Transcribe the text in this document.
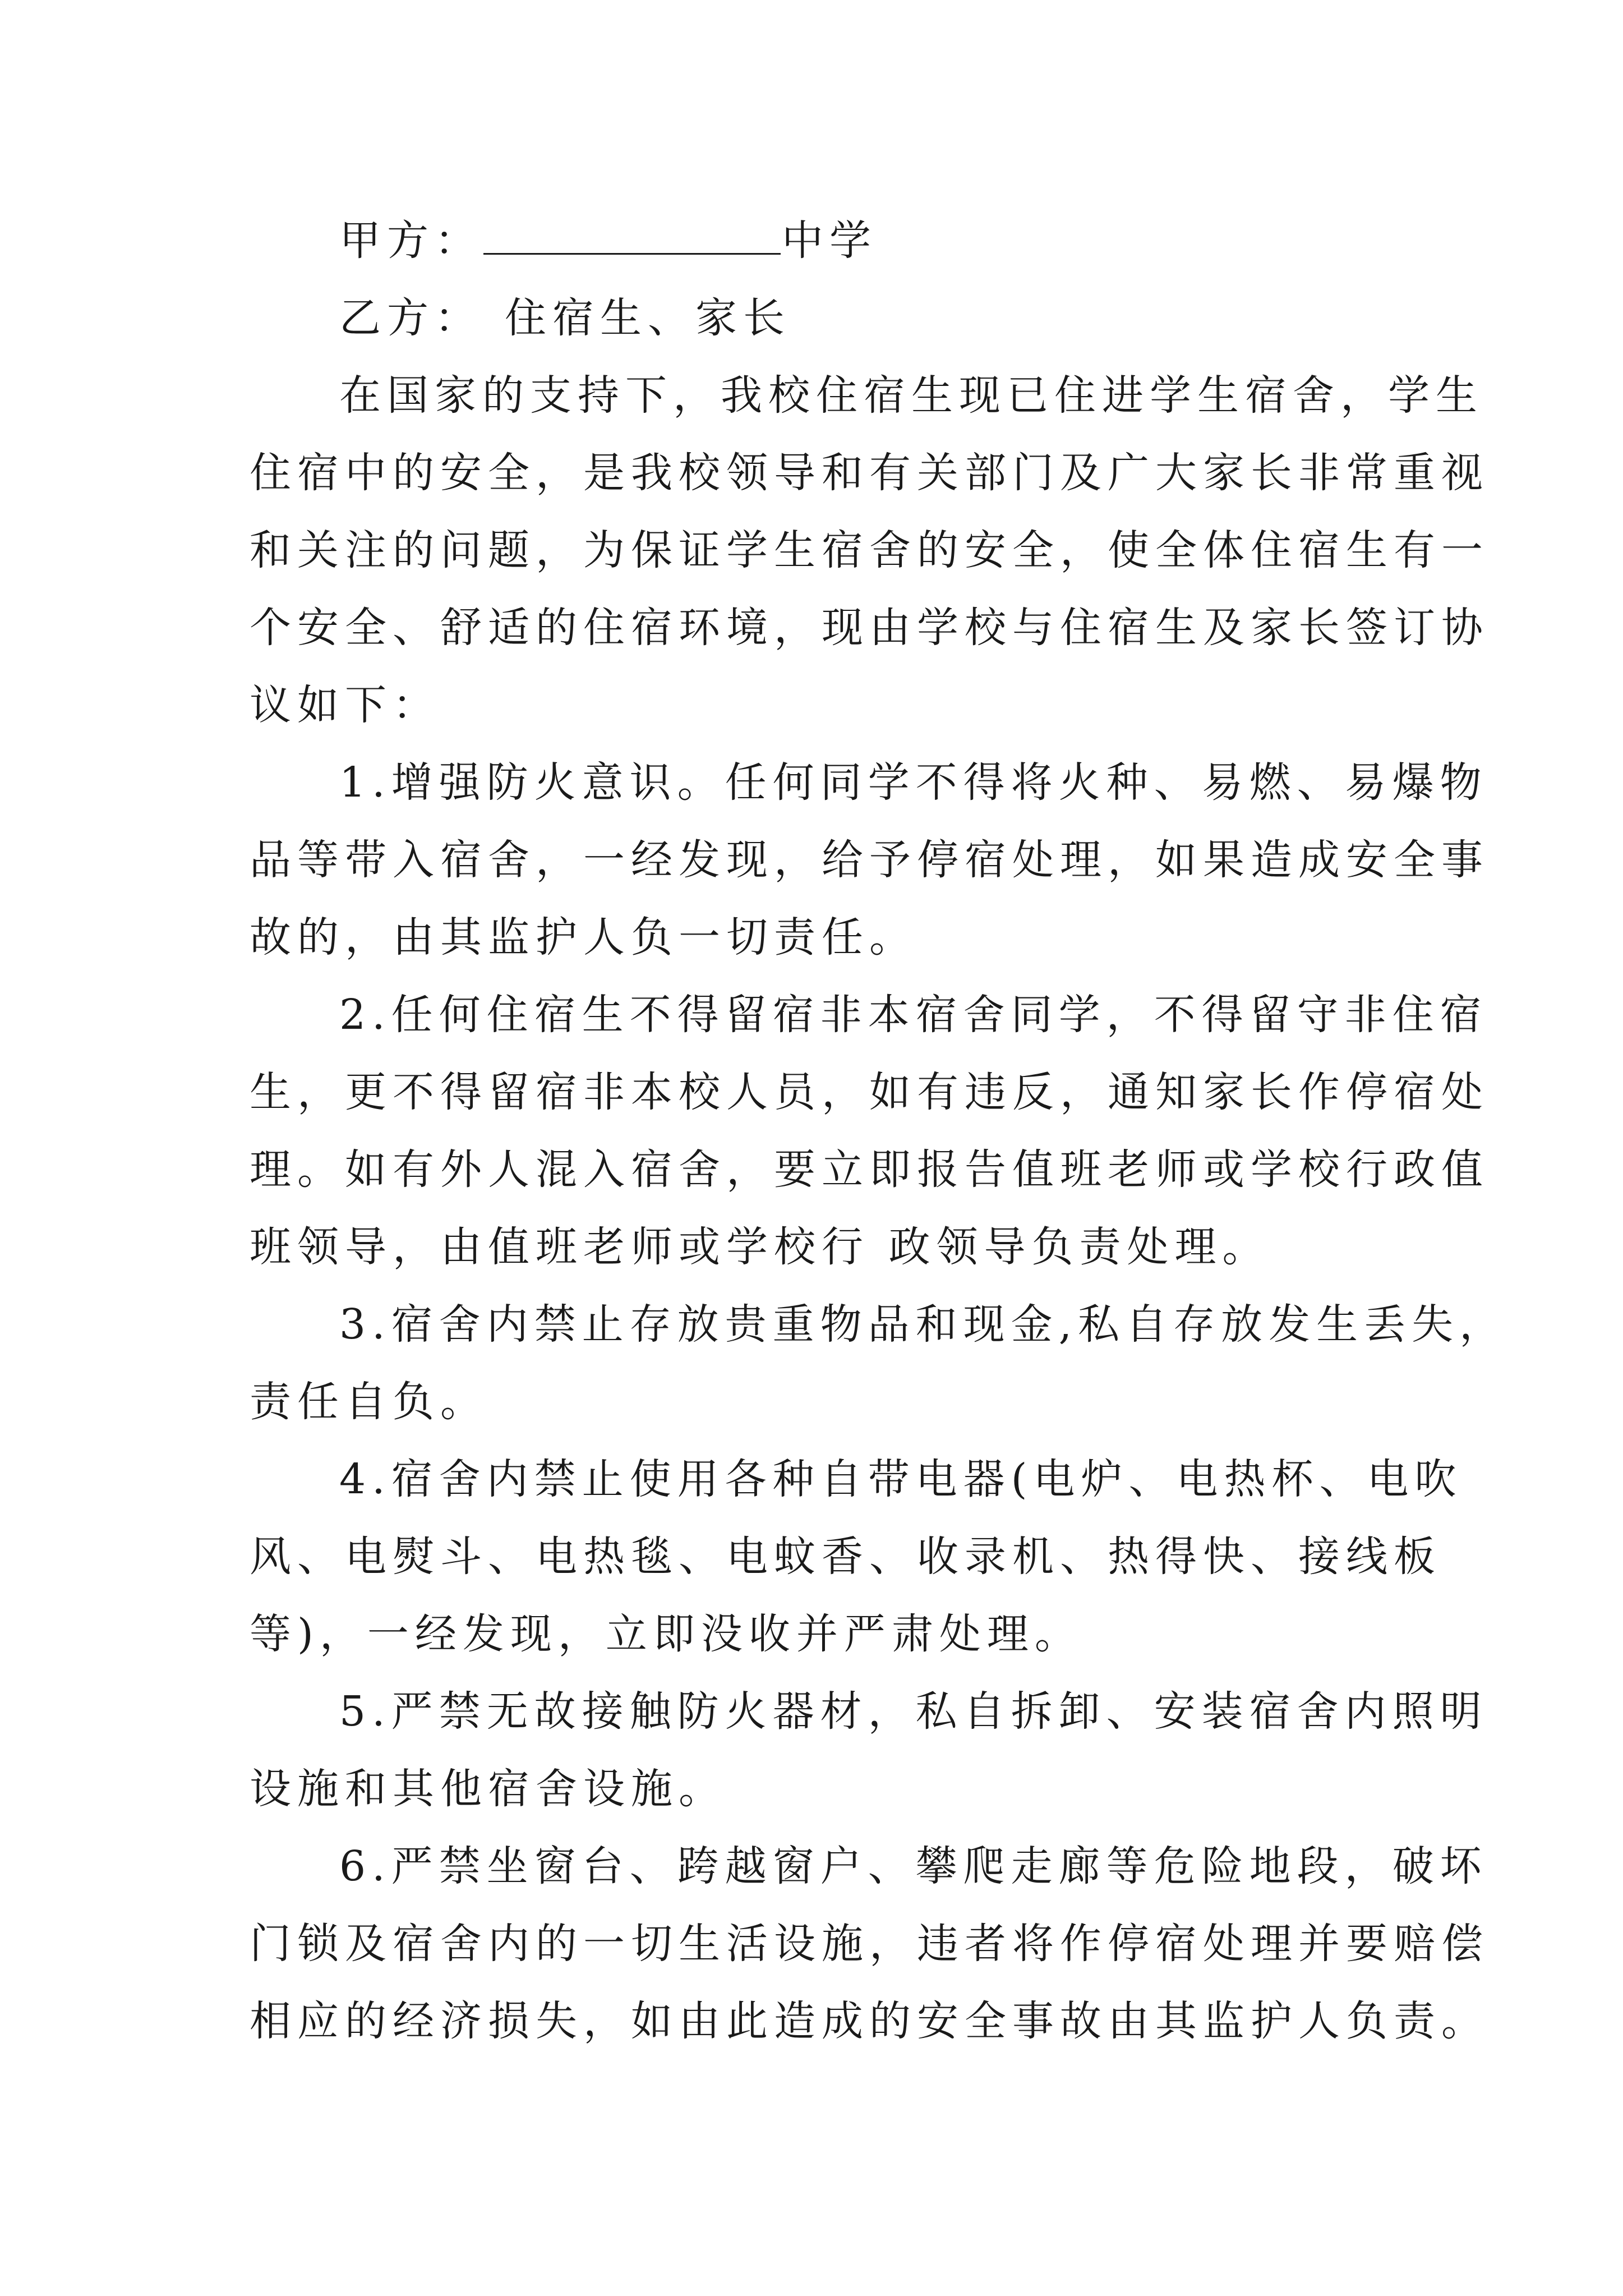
甲方：	中学
乙方： 住宿生、家长
在国家的支持下，我校住宿生现已住进学生宿舍，学生
住宿中的安全，是我校领导和有关部门及广大家长非常重视
和关注的问题，为保证学生宿舍的安全，使全体住宿生有一
个安全、舒适的住宿环境，现由学校与住宿生及家长签订协
议如下：
1.增强防火意识。任何同学不得将火种、易燃、易爆物
品等带入宿舍，一经发现，给予停宿处理，如果造成安全事
故的，由其监护人负一切责任。
2.任何住宿生不得留宿非本宿舍同学，不得留守非住宿
生，更不得留宿非本校人员，如有违反，通知家长作停宿处
理。如有外人混入宿舍，要立即报告值班老师或学校行政值
班领导，由值班老师或学校行 政领导负责处理。
3.宿舍内禁止存放贵重物品和现金,私自存放发生丢失，
责任自负。
4.宿舍内禁止使用各种自带电器(电炉、电热杯、电吹
风、电熨斗、电热毯、电蚊香、收录机、热得快、接线板
等)，一经发现，立即没收并严肃处理。
5.严禁无故接触防火器材，私自拆卸、安装宿舍内照明
设施和其他宿舍设施。
6.严禁坐窗台、跨越窗户、攀爬走廊等危险地段，破坏
门锁及宿舍内的一切生活设施，违者将作停宿处理并要赔偿
相应的经济损失，如由此造成的安全事故由其监护人负责。
